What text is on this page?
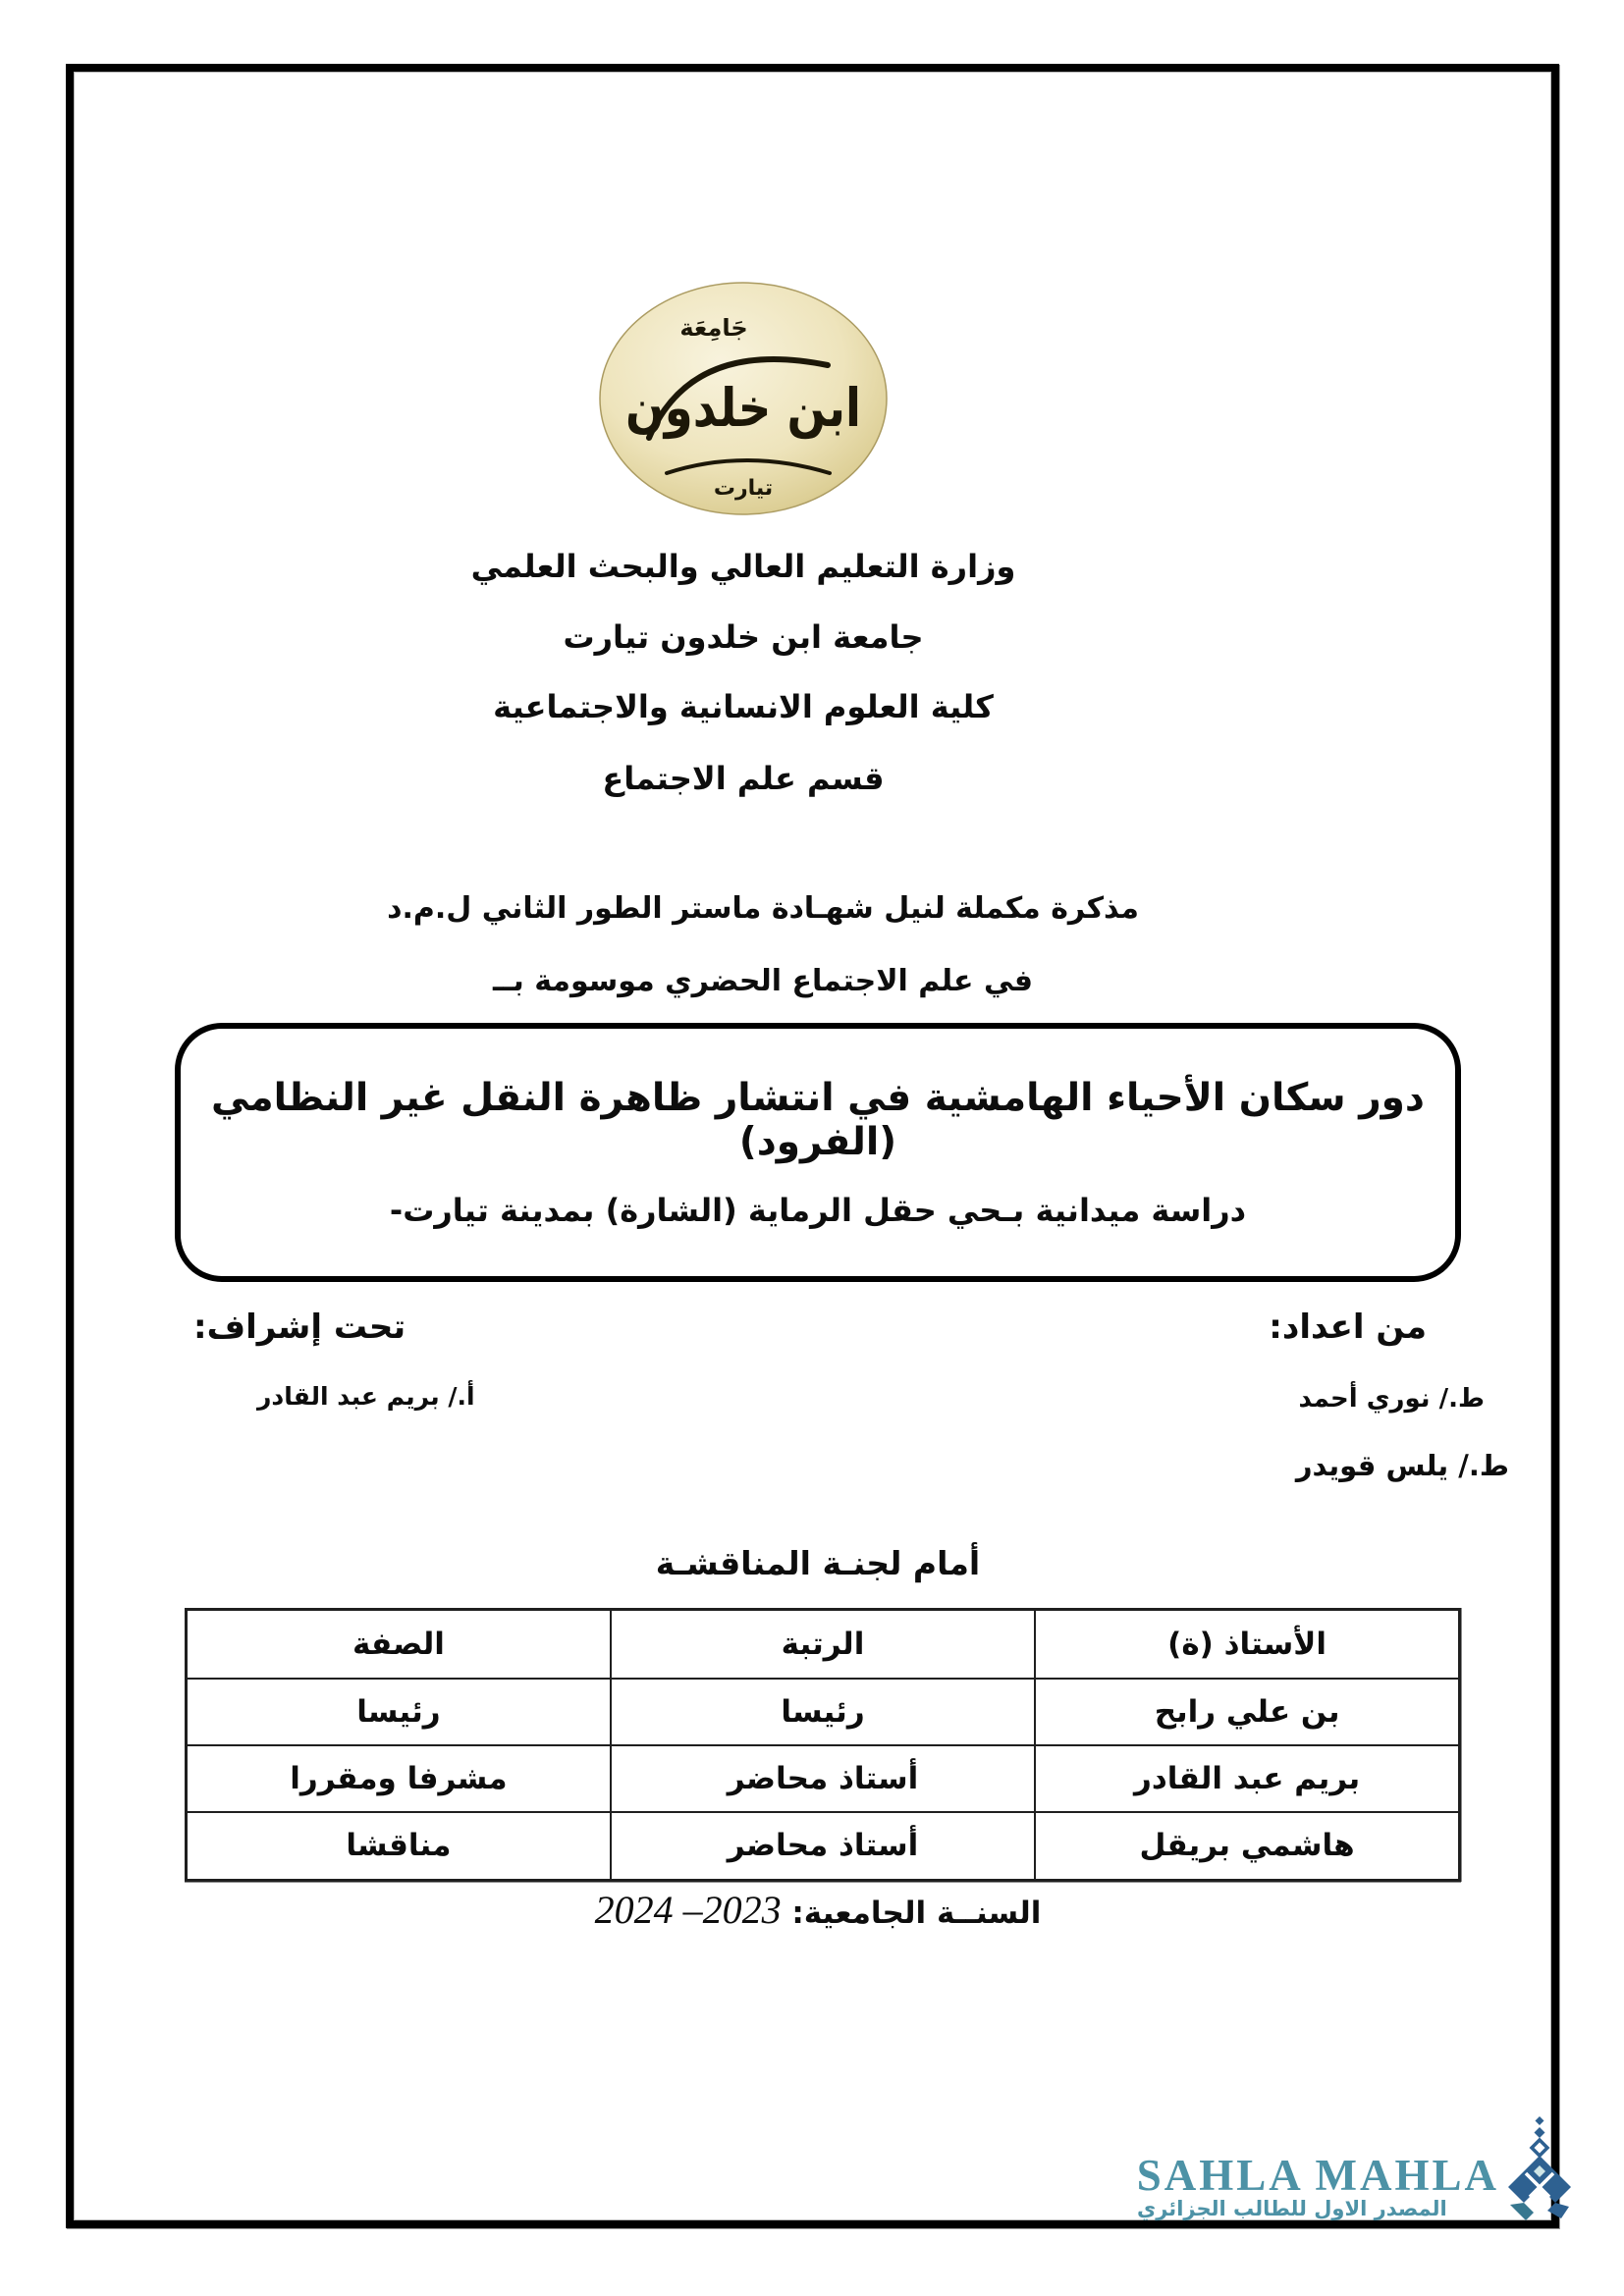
جَامِعَة
ابن خلدون
تيارت
وزارة التعليم العالي والبحث العلمي
جامعة ابن خلدون تيارت
كلية العلوم الانسانية والاجتماعية
قسم علم الاجتماع
مذكرة مكملة لنيل شهـادة ماستر الطور الثاني ل.م.د
في علم الاجتماع الحضري موسومة بــ
دور سكان الأحياء الهامشية في انتشار ظاهرة النقل غير النظامي (الفرود)
دراسة ميدانية بـحي حقل الرماية (الشارة) بمدينة تيارت-
من اعداد:
ط./ نوري أحمد
ط./ يلس قويدر
تحت إشراف:
أ./ بريم عبد القادر
أمام لجنـة المناقشـة
الأستاذ (ة)	الرتبة	الصفة
بن علي رابح	رئيسا	رئيسا
بريم عبد القادر	أستاذ محاضر	مشرفا ومقررا
هاشمي بريقل	أستاذ محاضر	مناقشا
السنــة الجامعية: 2023– 2024
SAHLA MAHLA
المصدر الاول للطالب الجزائري
